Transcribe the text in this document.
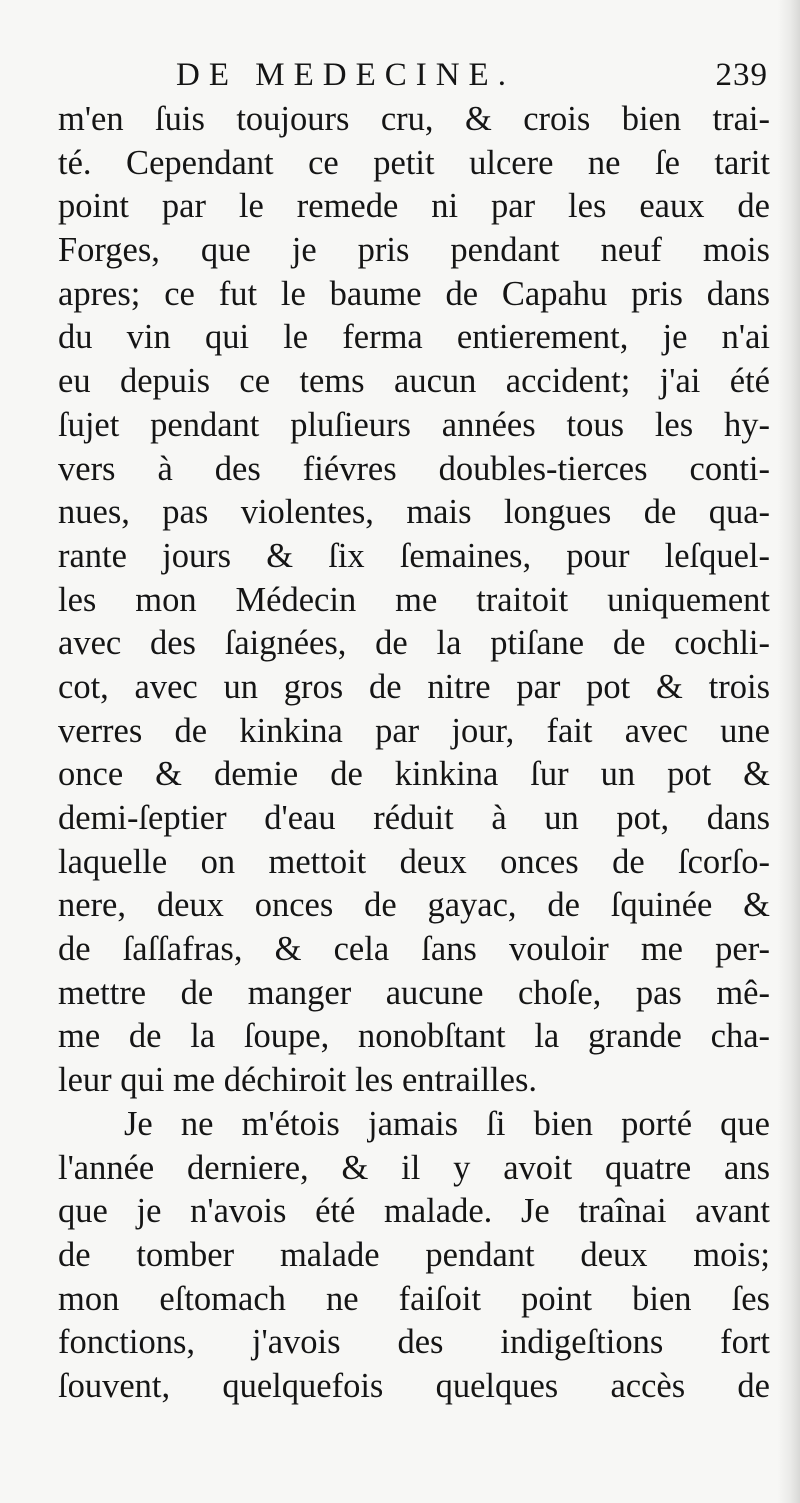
DE MEDECINE.	239
m'en ſuis toujours cru, & crois bien trai-
té. Cependant ce petit ulcere ne ſe tarit
point par le remede ni par les eaux de
Forges, que je pris pendant neuf mois
apres; ce fut le baume de Capahu pris dans
du vin qui le ferma entierement, je n'ai
eu depuis ce tems aucun accident; j'ai été
ſujet pendant pluſieurs années tous les hy-
vers à des fiévres doubles-tierces conti-
nues, pas violentes, mais longues de qua-
rante jours & ſix ſemaines, pour leſquel-
les mon Médecin me traitoit uniquement
avec des ſaignées, de la ptiſane de cochli-
cot, avec un gros de nitre par pot & trois
verres de kinkina par jour, fait avec une
once & demie de kinkina ſur un pot &
demi-ſeptier d'eau réduit à un pot, dans
laquelle on mettoit deux onces de ſcorſo-
nere, deux onces de gayac, de ſquinée &
de ſaſſafras, & cela ſans vouloir me per-
mettre de manger aucune choſe, pas mê-
me de la ſoupe, nonobſtant la grande cha-
leur qui me déchiroit les entrailles.
Je ne m'étois jamais ſi bien porté que
l'année derniere, & il y avoit quatre ans
que je n'avois été malade. Je traînai avant
de tomber malade pendant deux mois;
mon eſtomach ne faiſoit point bien ſes
fonctions, j'avois des indigeſtions fort
ſouvent, quelquefois quelques accès de
